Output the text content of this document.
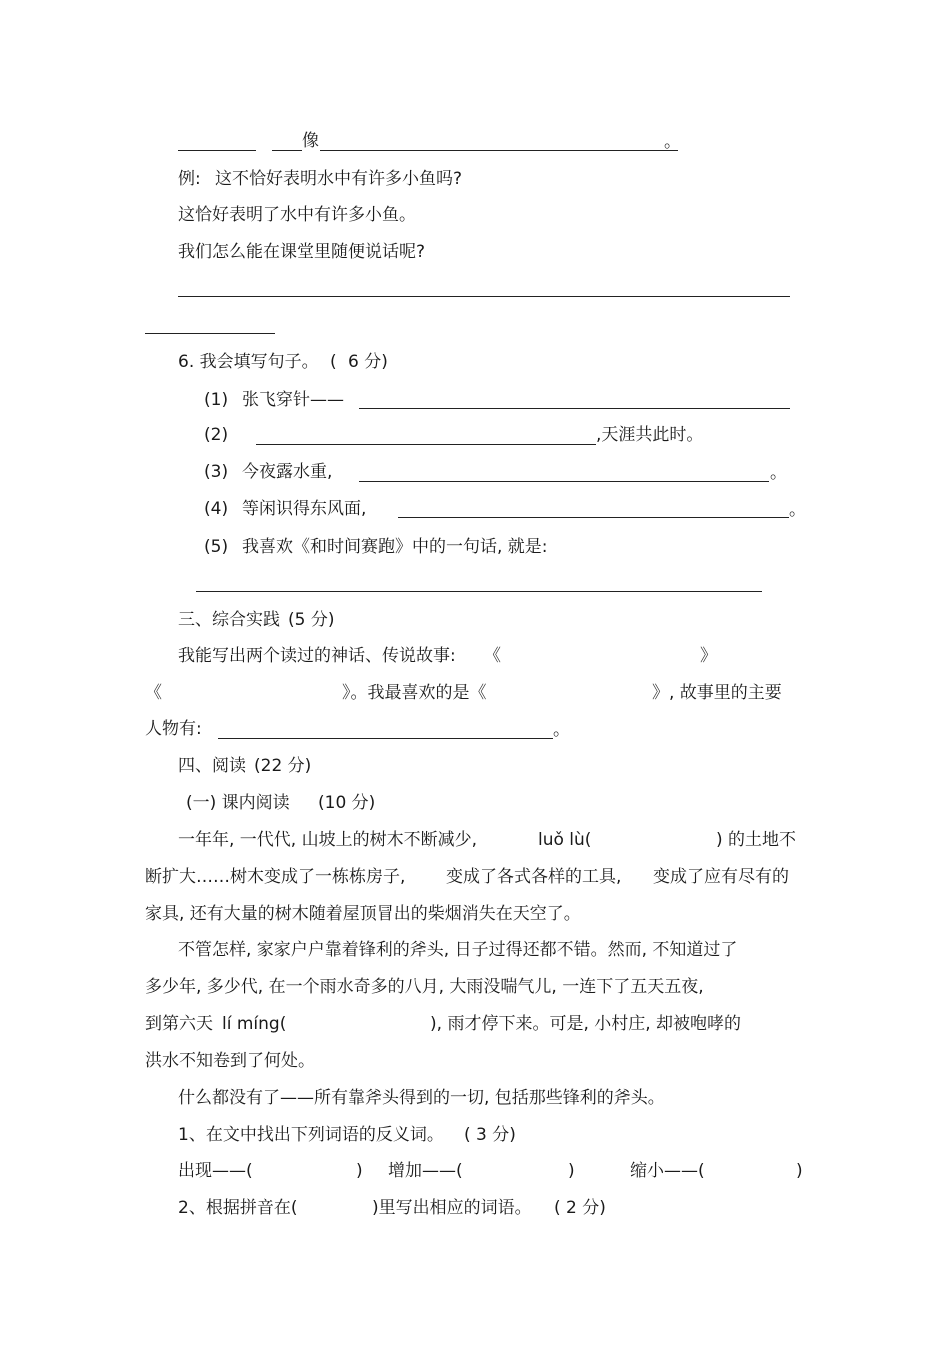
像	。
例: 这不恰好表明水中有许多小鱼吗?
这恰好表明了水中有许多小鱼。
我们怎么能在课堂里随便说话呢?
6. 我会填写句子。 ( 6 分)
(1) 张飞穿针——
(2)	,天涯共此时。
(3) 今夜露水重,	。
(4) 等闲识得东风面,	。
(5) 我喜欢《和时间赛跑》中的一句话, 就是:
三、综合实践 (5 分)
我能写出两个读过的神话、传说故事: 《	》
《	》。我最喜欢的是《	》, 故事里的主要
人物有:	。
四、阅读 (22 分)
(一) 课内阅读 (10 分)
一年年, 一代代, 山坡上的树木不断减少,	luǒ lù(	) 的土地不
断扩大……树木变成了一栋栋房子, 变成了各式各样的工具, 变成了应有尽有的
家具, 还有大量的树木随着屋顶冒出的柴烟消失在天空了。
不管怎样, 家家户户靠着锋利的斧头, 日子过得还都不错。然而, 不知道过了
多少年, 多少代, 在一个雨水奇多的八月, 大雨没喘气儿, 一连下了五天五夜,
到第六天 lí míng(	), 雨才停下来。可是, 小村庄, 却被咆哮的
洪水不知卷到了何处。
什么都没有了——所有靠斧头得到的一切, 包括那些锋利的斧头。
1、在文中找出下列词语的反义词。 ( 3 分)
出现——(	) 增加——(	)	缩小——(	)
2、根据拼音在(	)里写出相应的词语。 ( 2 分)
